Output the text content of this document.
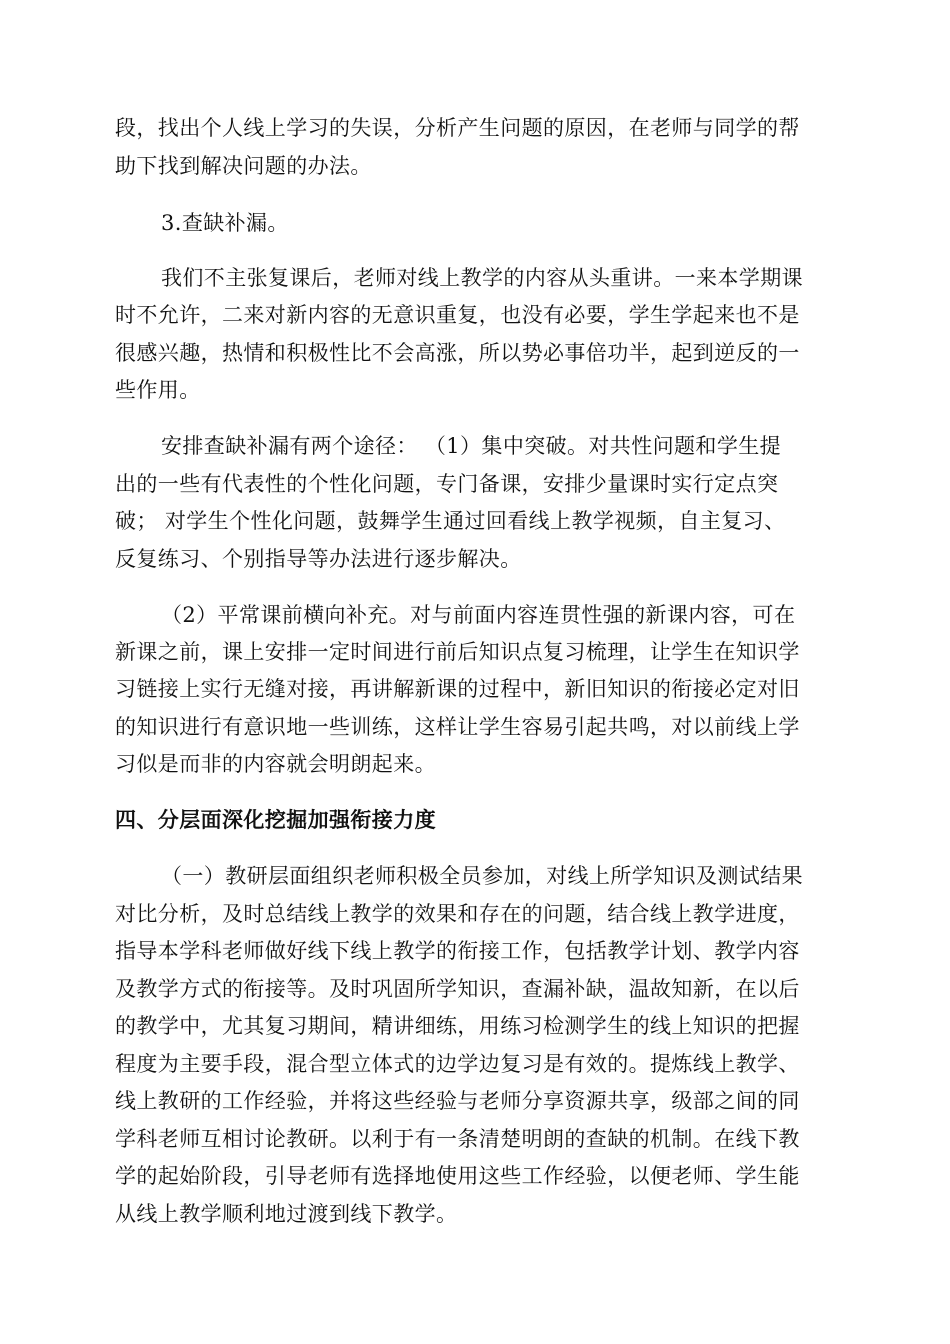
段，找出个人线上学习的失误，分析产生问题的原因，在老师与同学的帮
助下找到解决问题的办法。
3.查缺补漏。
我们不主张复课后，老师对线上教学的内容从头重讲。一来本学期课
时不允许，二来对新内容的无意识重复，也没有必要，学生学起来也不是
很感兴趣，热情和积极性比不会高涨，所以势必事倍功半，起到逆反的一
些作用。
安排查缺补漏有两个途径： （1）集中突破。对共性问题和学生提
出的一些有代表性的个性化问题，专门备课，安排少量课时实行定点突
破； 对学生个性化问题，鼓舞学生通过回看线上教学视频，自主复习、
反复练习、个别指导等办法进行逐步解决。
（2）平常课前横向补充。对与前面内容连贯性强的新课内容，可在
新课之前，课上安排一定时间进行前后知识点复习梳理，让学生在知识学
习链接上实行无缝对接，再讲解新课的过程中，新旧知识的衔接必定对旧
的知识进行有意识地一些训练，这样让学生容易引起共鸣，对以前线上学
习似是而非的内容就会明朗起来。
四、分层面深化挖掘加强衔接力度
（一）教研层面组织老师积极全员参加，对线上所学知识及测试结果
对比分析，及时总结线上教学的效果和存在的问题，结合线上教学进度，
指导本学科老师做好线下线上教学的衔接工作，包括教学计划、教学内容
及教学方式的衔接等。及时巩固所学知识，查漏补缺，温故知新，在以后
的教学中，尤其复习期间，精讲细练，用练习检测学生的线上知识的把握
程度为主要手段，混合型立体式的边学边复习是有效的。提炼线上教学、
线上教研的工作经验，并将这些经验与老师分享资源共享，级部之间的同
学科老师互相讨论教研。以利于有一条清楚明朗的查缺的机制。在线下教
学的起始阶段，引导老师有选择地使用这些工作经验，以便老师、学生能
从线上教学顺利地过渡到线下教学。
